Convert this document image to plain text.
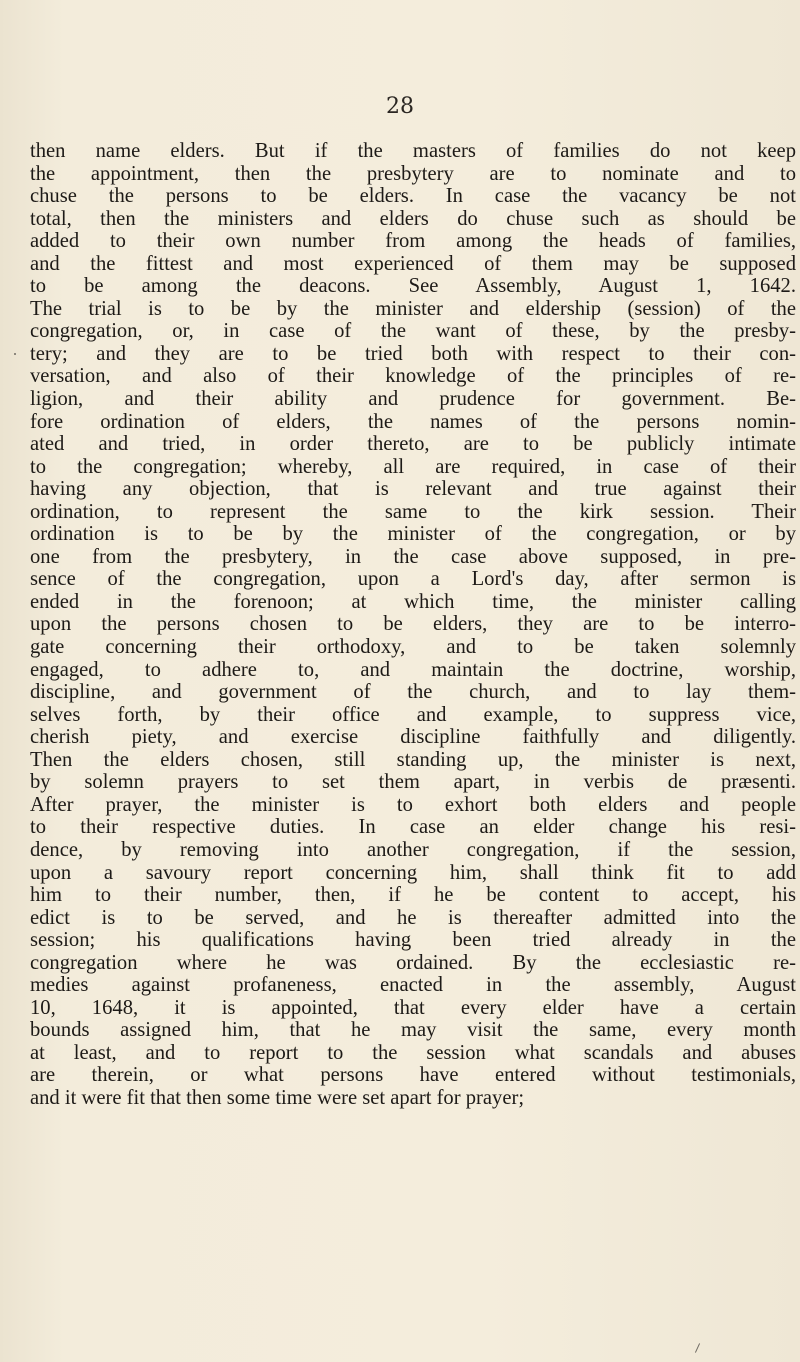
28
then name elders. But if the masters of families do not keep
the appointment, then the presbytery are to nominate and to
chuse the persons to be elders. In case the vacancy be not
total, then the ministers and elders do chuse such as should be
added to their own number from among the heads of families,
and the fittest and most experienced of them may be supposed
to be among the deacons. See Assembly, August 1, 1642.
The trial is to be by the minister and eldership (session) of the
congregation, or, in case of the want of these, by the presby-
tery; and they are to be tried both with respect to their con-
versation, and also of their knowledge of the principles of re-
ligion, and their ability and prudence for government. Be-
fore ordination of elders, the names of the persons nomin-
ated and tried, in order thereto, are to be publicly intimate
to the congregation; whereby, all are required, in case of their
having any objection, that is relevant and true against their
ordination, to represent the same to the kirk session. Their
ordination is to be by the minister of the congregation, or by
one from the presbytery, in the case above supposed, in pre-
sence of the congregation, upon a Lord's day, after sermon is
ended in the forenoon; at which time, the minister calling
upon the persons chosen to be elders, they are to be interro-
gate concerning their orthodoxy, and to be taken solemnly
engaged, to adhere to, and maintain the doctrine, worship,
discipline, and government of the church, and to lay them-
selves forth, by their office and example, to suppress vice,
cherish piety, and exercise discipline faithfully and diligently.
Then the elders chosen, still standing up, the minister is next,
by solemn prayers to set them apart, in verbis de præsenti.
After prayer, the minister is to exhort both elders and people
to their respective duties. In case an elder change his resi-
dence, by removing into another congregation, if the session,
upon a savoury report concerning him, shall think fit to add
him to their number, then, if he be content to accept, his
edict is to be served, and he is thereafter admitted into the
session; his qualifications having been tried already in the
congregation where he was ordained. By the ecclesiastic re-
medies against profaneness, enacted in the assembly, August
10, 1648, it is appointed, that every elder have a certain
bounds assigned him, that he may visit the same, every month
at least, and to report to the session what scandals and abuses
are therein, or what persons have entered without testimonials,
and it were fit that then some time were set apart for prayer;
